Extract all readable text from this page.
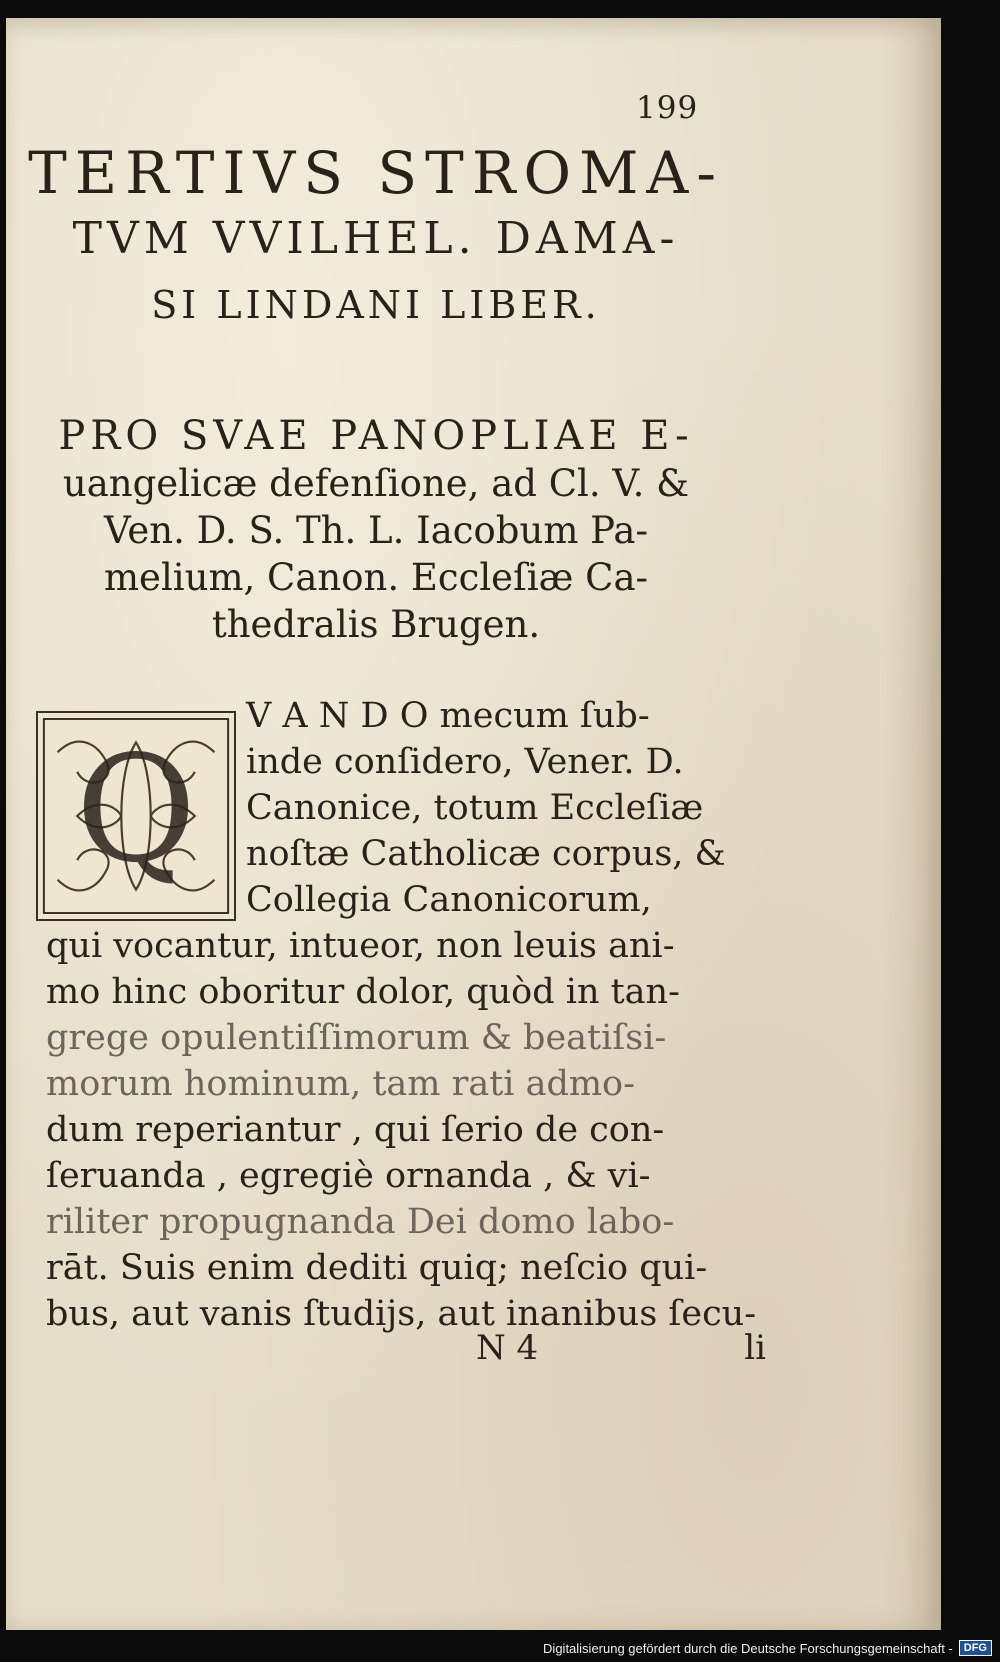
199
TERTIVS STROMA-
TVM VVILHEL. DAMA-
SI LINDANI LIBER.
PRO SVAE PANOPLIAE E-
uangelicæ defenſione, ad Cl. V. &
Ven. D. S. Th. L. Iacobum Pa-
melium, Canon. Eccleſiæ Ca-
thedralis Brugen.
Q
V A N D O mecum ſub-
inde conſidero, Vener. D.
Canonice, totum Eccleſiæ
noſtæ Catholicæ corpus, &
Collegia Canonicorum,
qui vocantur, intueor, non leuis ani-
mo hinc oboritur dolor, quòd in tan-
grege opulentiſſimorum & beatiſsi-
morum hominum, tam rati admo-
dum reperiantur , qui ſerio de con-
ſeruanda , egregiè ornanda , & vi-
riliter propugnanda Dei domo labo-
rāt. Suis enim dediti quiq; neſcio qui-
bus, aut vanis ſtudijs, aut inanibus ſecu-
N 4	li
Digitalisierung gefördert durch die Deutsche Forschungsgemeinschaft -	DFG
